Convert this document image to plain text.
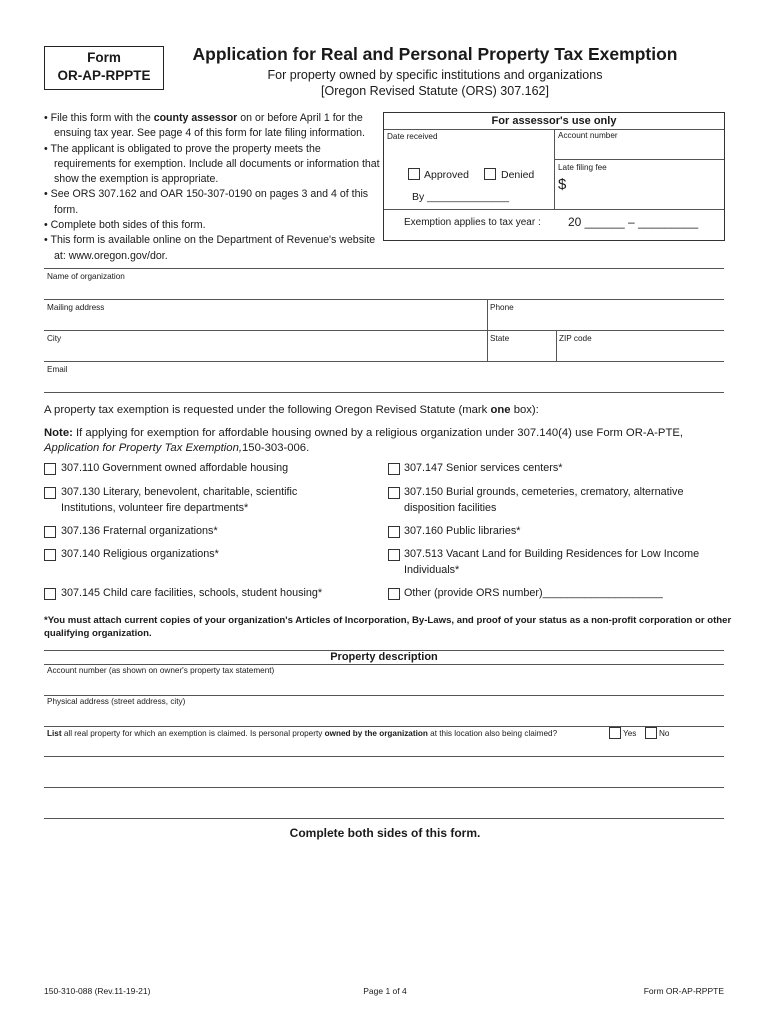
Form
OR-AP-RPPTE
Application for Real and Personal Property Tax Exemption
For property owned by specific institutions and organizations
[Oregon Revised Statute (ORS) 307.162]
• File this form with the county assessor on or before April 1 for the ensuing tax year. See page 4 of this form for late filing information.
• The applicant is obligated to prove the property meets the requirements for exemption. Include all documents or information that show the exemption is appropriate.
• See ORS 307.162 and OAR 150-307-0190 on pages 3 and 4 of this form.
• Complete both sides of this form.
• This form is available online on the Department of Revenue's website at: www.oregon.gov/dor.
For assessor's use only
Date received	Account number
Late filing fee
$
Approved	Denied
By ______________
Exemption applies to tax year : 20 ______ – _________
Name of organization
Mailing address	Phone
City	State	ZIP code
Email
A property tax exemption is requested under the following Oregon Revised Statute (mark one box):
Note: If applying for exemption for affordable housing owned by a religious organization under 307.140(4) use Form OR-A-PTE, Application for Property Tax Exemption,150-303-006.
307.110 Government owned affordable housing	307.147 Senior services centers*
307.130 Literary, benevolent, charitable, scientific
Institutions, volunteer fire departments*
307.150 Burial grounds, cemeteries, crematory, alternative
disposition facilities
307.136 Fraternal organizations*	307.160 Public libraries*
307.140 Religious organizations*	307.513 Vacant Land for Building Residences for Low Income
Individuals*
307.145 Child care facilities, schools, student housing*	Other (provide ORS number)____________________
*You must attach current copies of your organization's Articles of Incorporation, By-Laws, and proof of your status as a non-profit corporation or other qualifying organization.
Property description
Account number (as shown on owner's property tax statement)
Physical address (street address, city)
List all real property for which an exemption is claimed. Is personal property owned by the organization at this location also being claimed?	Yes	No
Complete both sides of this form.
150-310-088 (Rev.11-19-21)	Page 1 of 4	Form OR-AP-RPPTE
